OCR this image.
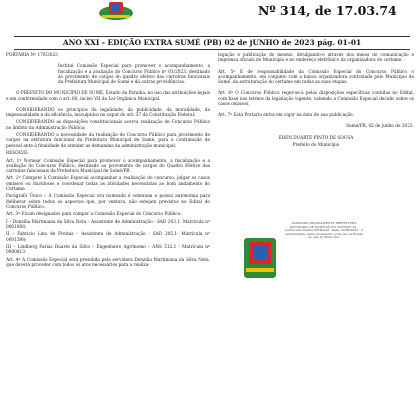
Nº 314, de 17.03.74
ANO XXI - EDIÇÃO EXTRA SUMÉ (PB) 02 de jUNHO de 2023 pág. 01-01

PORTARIA Nº 170/2023

Institui Comissão Especial para promover o acompanhamento, a fiscalização e a avaliação do Concurso Público nº 01/2023, destinado ao provimento de cargos do quadro efetivo das carreiras funcionais da Prefeitura Municipal de Sumé e dá outras providências.

O PREFEITO DO MUNICÍPIO DE SUMÉ, Estado da Paraíba, no uso das atribuições legais e em conformidade com o art. 60, inciso VII da Lei Orgânica Municipal.

CONSIDERANDO os princípios da legalidade, da publicidade, da moralidade, da impessoalidade e da eficiência, insculpidos no caput do art. 37 da Constituição Federal;

CONSIDERANDO as disposições constitucionais acerca realização de Concurso Público no âmbito da Administração Pública;

CONSIDERANDO a necessidade da realização de Concurso Público para provimento de cargos na estrutura funcional da Prefeitura Municipal de Sumé, para a contratação de pessoal ante à finalidade de atender as demandas da administração municipal.

RESOLVE:

Art. 1º Nomear Comissão Especial para promover o acompanhamento, a fiscalização e a avaliação do Concurso Público, destinado ao provimento de cargos do Quadro Efetivo das carreiras funcionais da Prefeitura Municipal de Sumé/PB.

Art. 2º Compete à Comissão Especial acompanhar a realização do concurso, julgar os casos omissos ou duvidosos e coordenar todas as atividades necessárias ao bom andamento do Certame.

Parágrafo Único – A Comissão Especial ora nomeada é soberana e possui autonomia para deliberar sobre todos os aspectos que, por ventura, não estejam previstos no Edital do Concurso Público.

Art. 3º Ficam designados para compor a Comissão Especial do Concurso Público:

I – Donzília Martiniana da Silva Neta – Assistente de Administração - SAD 203.1- Matrícula nº 0001808;

II – Fabrício Lino de Freitas – Assistente de Administração - SAD 205.1- Matrícula nº 0001398;

III – Lindberg Farias Duarte da Silva – Engenheiro Agrônomo – ANS 512.1 - Matrícula nº 0000813.

Art. 4º A Comissão Especial será presidida pela servidora Donzília Martiniana da Silva Neta, que deverá proceder com todos os atos necessários para a realiza-

legação e publicação do mesmo, divulgando-o através dos meios de comunicação e imprensa oficiais do Município e no endereço eletrônico da organizadora do certame.

Art. 5º É de responsabilidade da Comissão Especial do Concurso Público o acompanhamento, em conjunto com a banca organizadora contratada pelo Município de Sumé, da estruturação do certame em todas as suas etapas.

Art. 6º O Concurso Público reger-se-á pelas disposições específicas contidas no Edital, com base nos termos da legislação vigente, cabendo a Comissão Especial decidir sobre os casos omissos.

Art. 7º Esta Portaria entra em vigor na data de sua publicação.

Sumé/PB, 02 de junho de 2023.

ÉDEN DUARTE PINTO DE SOUSA

Prefeito do Município

ASSINADO DIGITALMENTE PREFEITURA MUNICIPAL DE SUMÉ:09 073 628/0001-91 · Certificado Digital ICP-Brasil · Data: 02/06/2023 · A autenticidade deste documento pode ser verificada no site do Município
